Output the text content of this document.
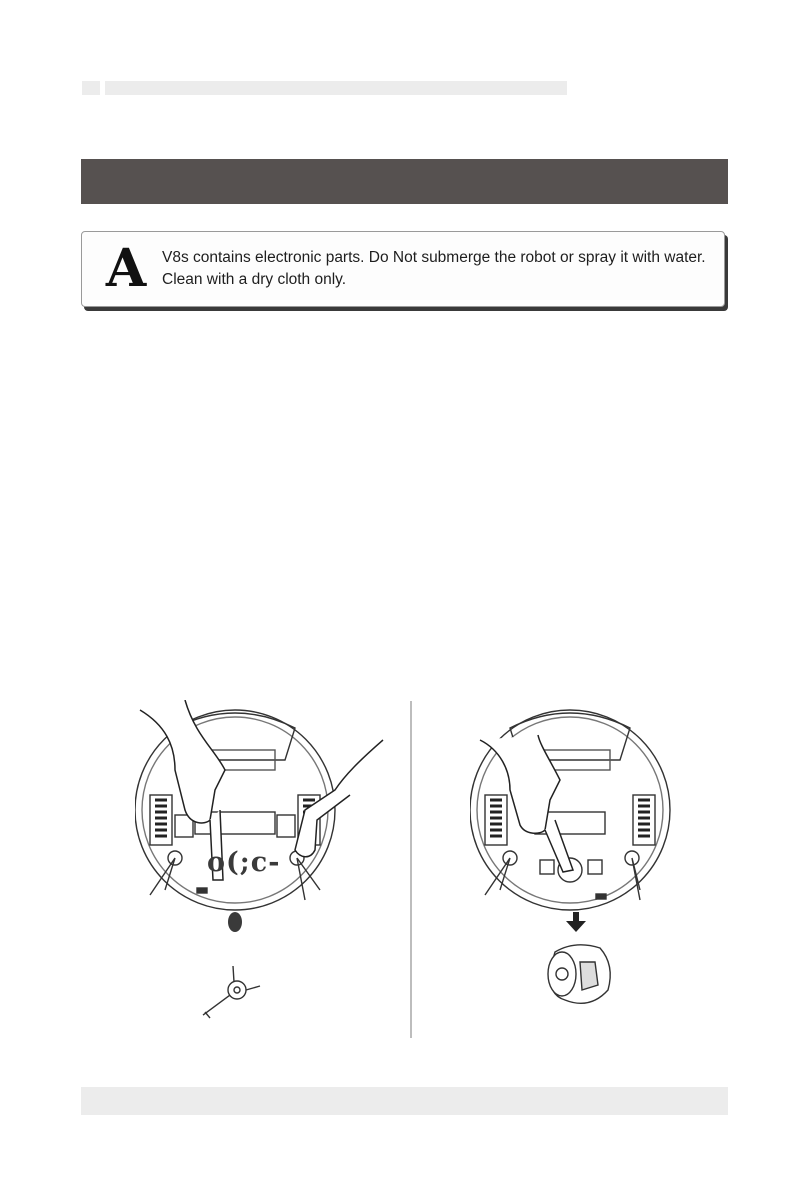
A	V8s contains electronic parts. Do Not submerge the robot or spray it with water. Clean with a dry cloth only.
o(;c-
